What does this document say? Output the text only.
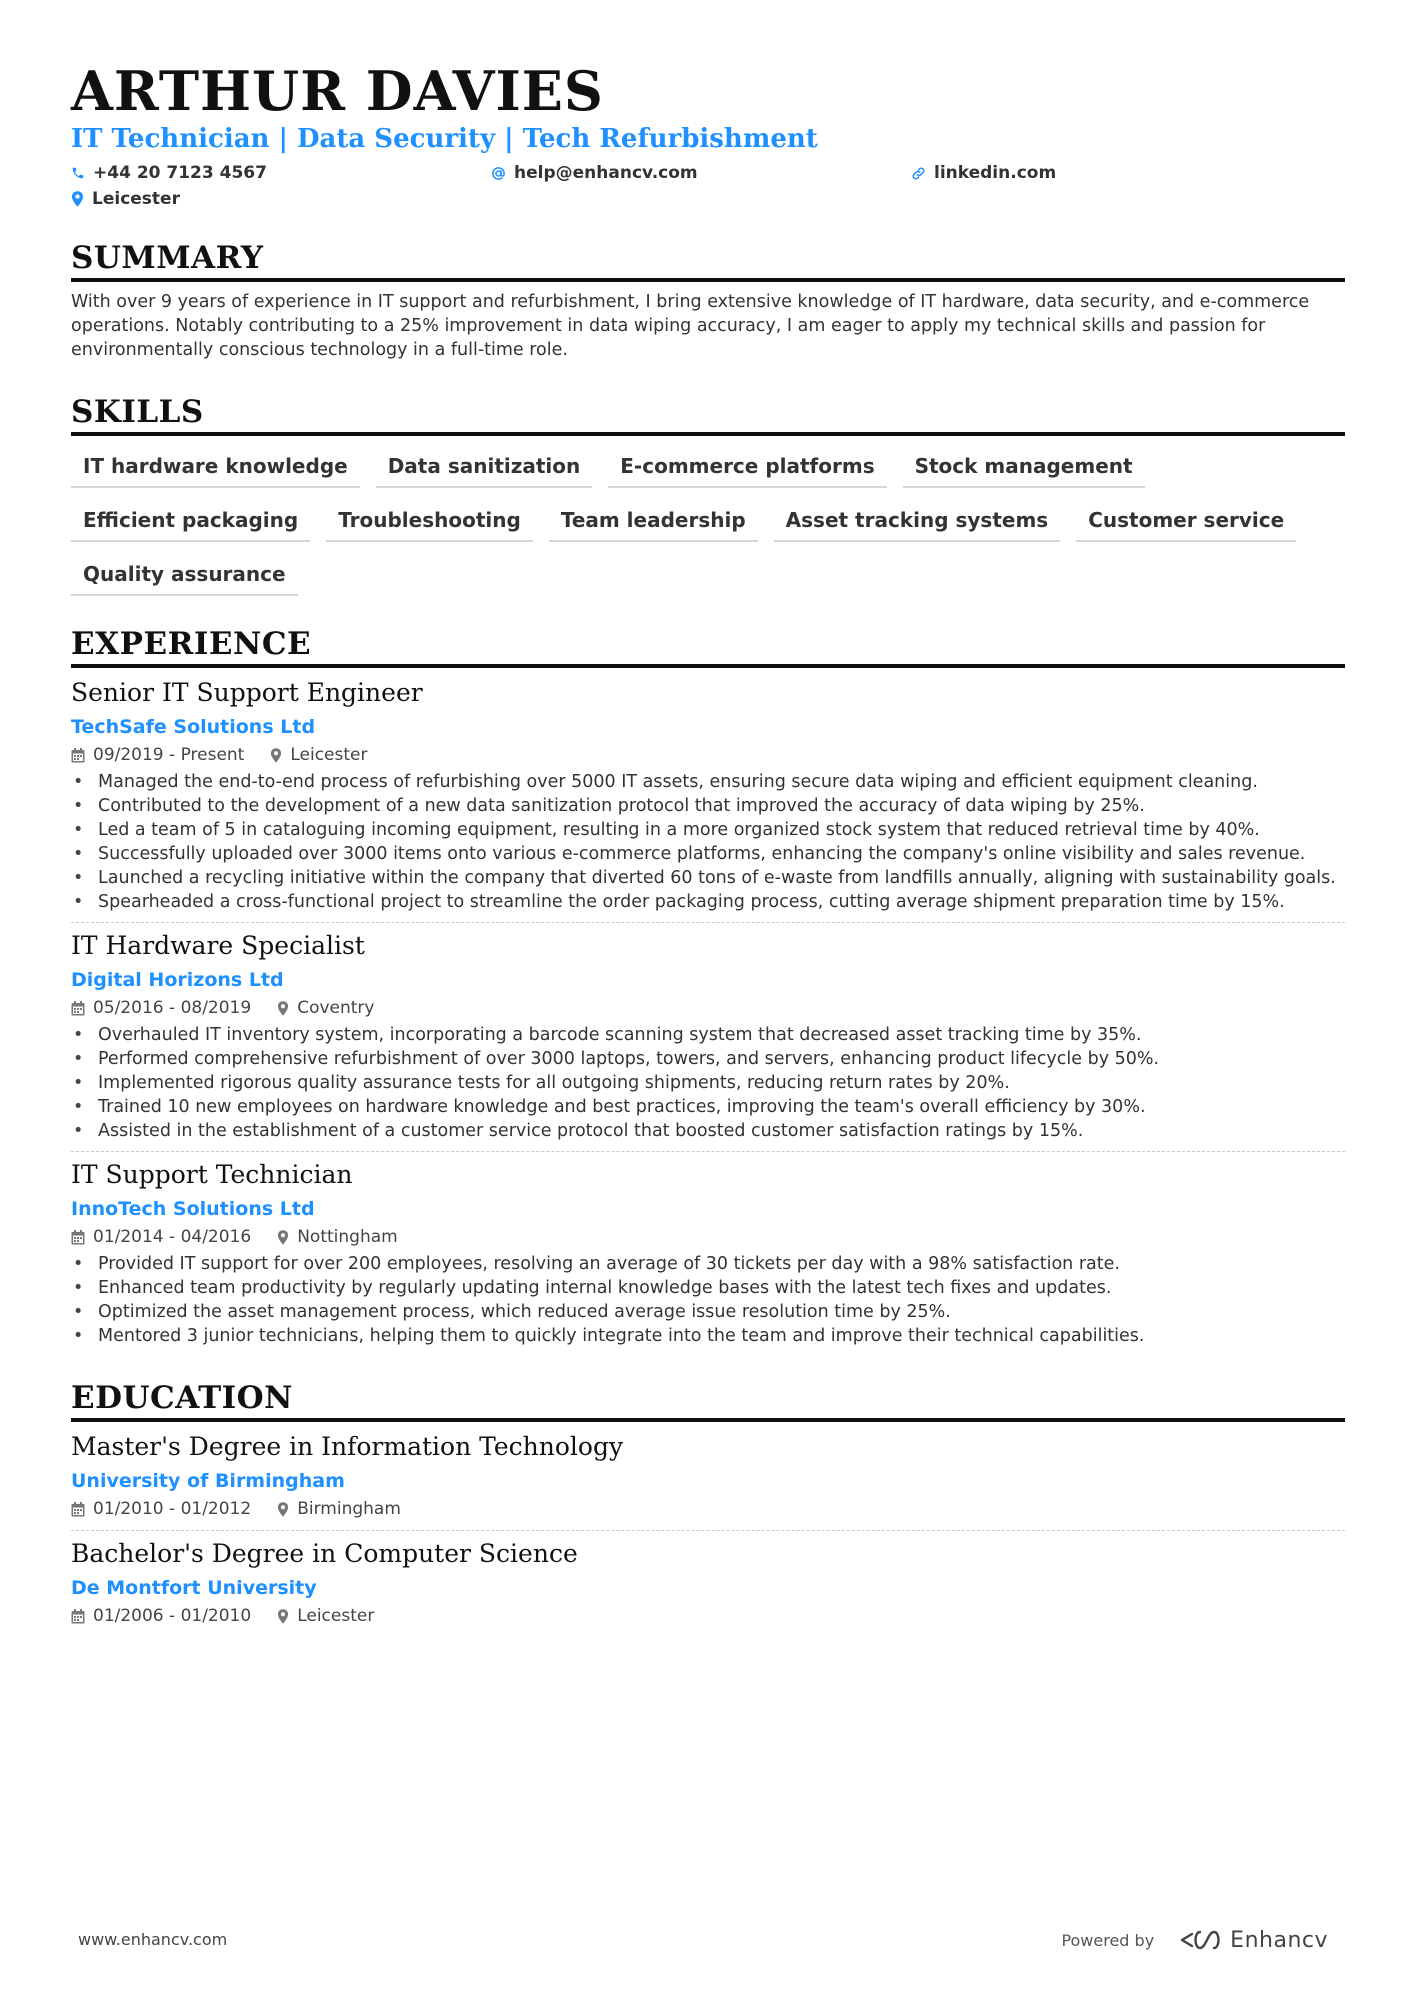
ARTHUR DAVIES
IT Technician | Data Security | Tech Refurbishment
+44 20 7123 4567	help@enhancv.com	linkedin.com
Leicester
SUMMARY
With over 9 years of experience in IT support and refurbishment, I bring extensive knowledge of IT hardware, data security, and e-commerce operations. Notably contributing to a 25% improvement in data wiping accuracy, I am eager to apply my technical skills and passion for environmentally conscious technology in a full-time role.
SKILLS
IT hardware knowledge	Data sanitization	E-commerce platforms	Stock management
Efficient packaging	Troubleshooting	Team leadership	Asset tracking systems	Customer service
Quality assurance
EXPERIENCE
Senior IT Support Engineer
TechSafe Solutions Ltd
09/2019 - Present	Leicester
• Managed the end-to-end process of refurbishing over 5000 IT assets, ensuring secure data wiping and efficient equipment cleaning.
• Contributed to the development of a new data sanitization protocol that improved the accuracy of data wiping by 25%.
• Led a team of 5 in cataloguing incoming equipment, resulting in a more organized stock system that reduced retrieval time by 40%.
• Successfully uploaded over 3000 items onto various e-commerce platforms, enhancing the company's online visibility and sales revenue.
• Launched a recycling initiative within the company that diverted 60 tons of e-waste from landfills annually, aligning with sustainability goals.
• Spearheaded a cross-functional project to streamline the order packaging process, cutting average shipment preparation time by 15%.
IT Hardware Specialist
Digital Horizons Ltd
05/2016 - 08/2019	Coventry
• Overhauled IT inventory system, incorporating a barcode scanning system that decreased asset tracking time by 35%.
• Performed comprehensive refurbishment of over 3000 laptops, towers, and servers, enhancing product lifecycle by 50%.
• Implemented rigorous quality assurance tests for all outgoing shipments, reducing return rates by 20%.
• Trained 10 new employees on hardware knowledge and best practices, improving the team's overall efficiency by 30%.
• Assisted in the establishment of a customer service protocol that boosted customer satisfaction ratings by 15%.
IT Support Technician
InnoTech Solutions Ltd
01/2014 - 04/2016	Nottingham
• Provided IT support for over 200 employees, resolving an average of 30 tickets per day with a 98% satisfaction rate.
• Enhanced team productivity by regularly updating internal knowledge bases with the latest tech fixes and updates.
• Optimized the asset management process, which reduced average issue resolution time by 25%.
• Mentored 3 junior technicians, helping them to quickly integrate into the team and improve their technical capabilities.
EDUCATION
Master's Degree in Information Technology
University of Birmingham
01/2010 - 01/2012	Birmingham
Bachelor's Degree in Computer Science
De Montfort University
01/2006 - 01/2010	Leicester
www.enhancv.com	Powered by	Enhancv
